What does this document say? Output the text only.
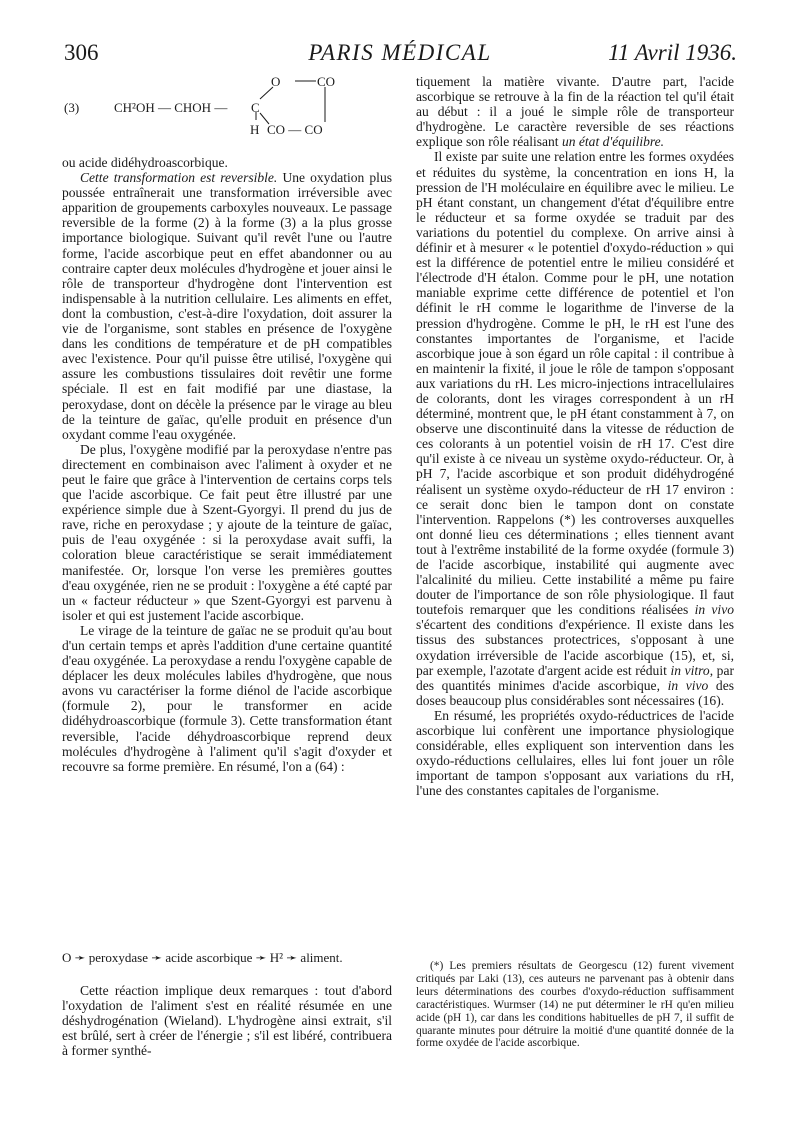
306	PARIS MÉDICAL	11 Avril 1936.
(3)	CH²OH — CHOH — C
O	CO
H CO — CO

ou acide didéhydroascorbique.

Cette transformation est reversible. Une oxydation plus poussée entraînerait une transformation irréversible avec apparition de groupements carboxyles nouveaux. Le passage reversible de la forme (2) à la forme (3) a la plus grosse importance biologique. Suivant qu'il revêt l'une ou l'autre forme, l'acide ascorbique peut en effet abandonner ou au contraire capter deux molécules d'hydrogène et jouer ainsi le rôle de transporteur d'hydrogène dont l'intervention est indispensable à la nutrition cellulaire. Les aliments en effet, dont la combustion, c'est-à-dire l'oxydation, doit assurer la vie de l'organisme, sont stables en présence de l'oxygène dans les conditions de température et de pH compatibles avec l'existence. Pour qu'il puisse être utilisé, l'oxygène qui assure les combustions tissulaires doit revêtir une forme spéciale. Il est en fait modifié par une diastase, la peroxydase, dont on décèle la présence par le virage au bleu de la teinture de gaïac, qu'elle produit en présence d'un oxydant comme l'eau oxygénée.

De plus, l'oxygène modifié par la peroxydase n'entre pas directement en combinaison avec l'aliment à oxyder et ne peut le faire que grâce à l'intervention de certains corps tels que l'acide ascorbique. Ce fait peut être illustré par une expérience simple due à Szent-Gyorgyi. Il prend du jus de rave, riche en peroxydase ; y ajoute de la teinture de gaïac, puis de l'eau oxygénée : si la peroxydase avait suffi, la coloration bleue caractéristique se serait immédiatement manifestée. Or, lorsque l'on verse les premières gouttes d'eau oxygénée, rien ne se produit : l'oxygène a été capté par un « facteur réducteur » que Szent-Gyorgyi est parvenu à isoler et qui est justement l'acide ascorbique.

Le virage de la teinture de gaïac ne se produit qu'au bout d'un certain temps et après l'addition d'une certaine quantité d'eau oxygénée. La peroxydase a rendu l'oxygène capable de déplacer les deux molécules labiles d'hydrogène, que nous avons vu caractériser la forme diénol de l'acide ascorbique (formule 2), pour le transformer en acide didéhydroascorbique (formule 3). Cette transformation étant reversible, l'acide déhydroascorbique reprend deux molécules d'hydrogène à l'aliment qu'il s'agit d'oxyder et recouvre sa forme première. En résumé, l'on a (64) :

O ➛ peroxydase ➛ acide ascorbique ➛ H² ➛ aliment.

Cette réaction implique deux remarques : tout d'abord l'oxydation de l'aliment s'est en réalité résumée en une déshydrogénation (Wieland). L'hydrogène ainsi extrait, s'il est brûlé, sert à créer de l'énergie ; s'il est libéré, contribuera à former synthé-

tiquement la matière vivante. D'autre part, l'acide ascorbique se retrouve à la fin de la réaction tel qu'il était au début : il a joué le simple rôle de transporteur d'hydrogène. Le caractère reversible de ses réactions explique son rôle réalisant un état d'équilibre.

Il existe par suite une relation entre les formes oxydées et réduites du système, la concentration en ions H, la pression de l'H moléculaire en équilibre avec le milieu. Le pH étant constant, un changement d'état d'équilibre entre le réducteur et sa forme oxydée se traduit par des variations du potentiel du complexe. On arrive ainsi à définir et à mesurer « le potentiel d'oxydo-réduction » qui est la différence de potentiel entre le milieu considéré et l'électrode d'H étalon. Comme pour le pH, une notation maniable exprime cette différence de potentiel et l'on définit le rH comme le logarithme de l'inverse de la pression d'hydrogène. Comme le pH, le rH est l'une des constantes importantes de l'organisme, et l'acide ascorbique joue à son égard un rôle capital : il contribue à en maintenir la fixité, il joue le rôle de tampon s'opposant aux variations du rH. Les micro-injections intracellulaires de colorants, dont les virages correspondent à un rH déterminé, montrent que, le pH étant constamment à 7, on observe une discontinuité dans la vitesse de réduction de ces colorants à un potentiel voisin de rH 17. C'est dire qu'il existe à ce niveau un système oxydo-réducteur. Or, à pH 7, l'acide ascorbique et son produit didéhydrogéné réalisent un système oxydo-réducteur de rH 17 environ : ce serait donc bien le tampon dont on constate l'intervention. Rappelons (*) les controverses auxquelles ont donné lieu ces déterminations ; elles tiennent avant tout à l'extrême instabilité de la forme oxydée (formule 3) de l'acide ascorbique, instabilité qui augmente avec l'alcalinité du milieu. Cette instabilité a même pu faire douter de l'importance de son rôle physiologique. Il faut toutefois remarquer que les conditions réalisées in vivo s'écartent des conditions d'expérience. Il existe dans les tissus des substances protectrices, s'opposant à une oxydation irréversible de l'acide ascorbique (15), et, si, par exemple, l'azotate d'argent acide est réduit in vitro, par des quantités minimes d'acide ascorbique, in vivo des doses beaucoup plus considérables sont nécessaires (16).

En résumé, les propriétés oxydo-réductrices de l'acide ascorbique lui confèrent une importance physiologique considérable, elles expliquent son intervention dans les oxydo-réductions cellulaires, elles lui font jouer un rôle important de tampon s'opposant aux variations du rH, l'une des constantes capitales de l'organisme.

(*) Les premiers résultats de Georgescu (12) furent vivement critiqués par Laki (13), ces auteurs ne parvenant pas à obtenir dans leurs déterminations des courbes d'oxydo-réduction suffisamment caractéristiques. Wurmser (14) ne put déterminer le rH qu'en milieu acide (pH 1), car dans les conditions habituelles de pH 7, il suffit de quarante minutes pour détruire la moitié d'une quantité donnée de la forme oxydée de l'acide ascorbique.
